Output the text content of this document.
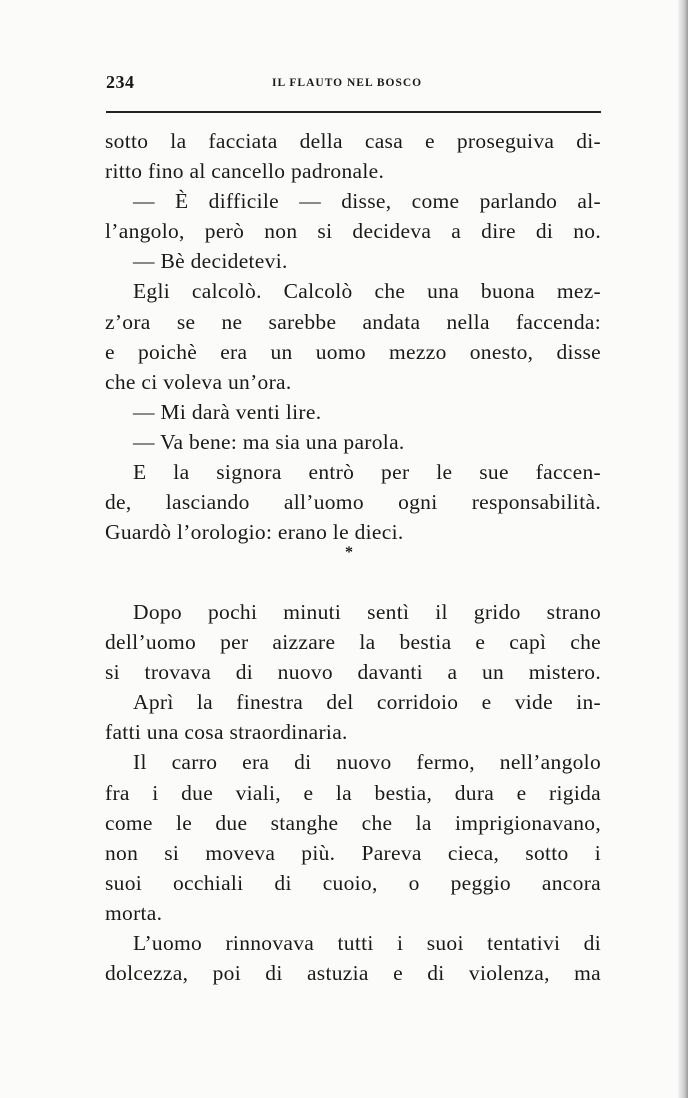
234	IL FLAUTO NEL BOSCO
sotto la facciata della casa e proseguiva di-
ritto fino al cancello padronale.
— È difficile — disse, come parlando al-
l’angolo, però non si decideva a dire di no.
— Bè decidetevi.
Egli calcolò. Calcolò che una buona mez-
z’ora se ne sarebbe andata nella faccenda:
e poichè era un uomo mezzo onesto, disse
che ci voleva un’ora.
— Mi darà venti lire.
— Va bene: ma sia una parola.
E la signora entrò per le sue faccen-
de, lasciando all’uomo ogni responsabilità.
Guardò l’orologio: erano le dieci.
*
Dopo pochi minuti sentì il grido strano
dell’uomo per aizzare la bestia e capì che
si trovava di nuovo davanti a un mistero.
Aprì la finestra del corridoio e vide in-
fatti una cosa straordinaria.
Il carro era di nuovo fermo, nell’angolo
fra i due viali, e la bestia, dura e rigida
come le due stanghe che la imprigionavano,
non si moveva più. Pareva cieca, sotto i
suoi occhiali di cuoio, o peggio ancora
morta.
L’uomo rinnovava tutti i suoi tentativi di
dolcezza, poi di astuzia e di violenza, ma
